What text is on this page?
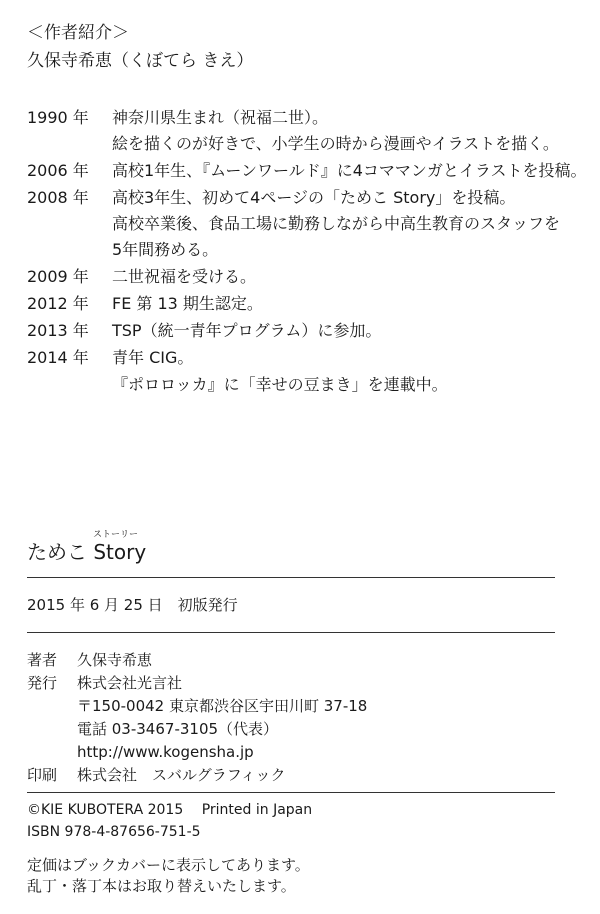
＜作者紹介＞
久保寺希恵（くぼてら きえ）
1990 年 神奈川県生まれ（祝福二世）。
絵を描くのが好きで、小学生の時から漫画やイラストを描く。
2006 年 高校1年生、『ムーンワールド』に4コママンガとイラストを投稿。
2008 年 高校3年生、初めて4ページの「ためこ Story」を投稿。
高校卒業後、食品工場に勤務しながら中高生教育のスタッフを
5年間務める。
2009 年 二世祝福を受ける。
2012 年 FE 第 13 期生認定。
2013 年 TSP（統一青年プログラム）に参加。
2014 年 青年 CIG。
『ポロロッカ』に「幸せの豆まき」を連載中。
ストーリー
ためこ Story
2015 年 6 月 25 日　初版発行
著者 久保寺希恵
発行 株式会社光言社
〒150-0042 東京都渋谷区宇田川町 37-18
電話 03-3467-3105（代表）
http://www.kogensha.jp
印刷 株式会社　スバルグラフィック
©KIE KUBOTERA 2015　 Printed in Japan
ISBN 978-4-87656-751-5
定価はブックカバーに表示してあります。
乱丁・落丁本はお取り替えいたします。
